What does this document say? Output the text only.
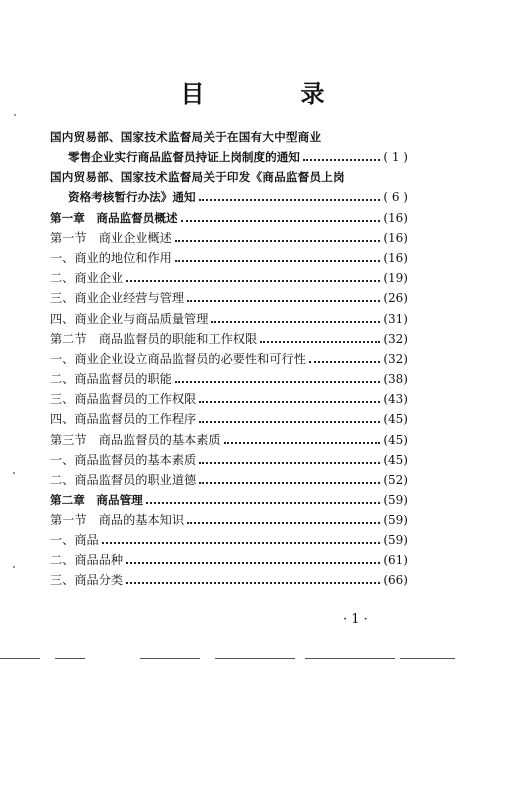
目　录
国内贸易部、国家技术监督局关于在国有大中型商业
零售企业实行商品监督员持证上岗制度的通知	( 1 )
国内贸易部、国家技术监督局关于印发《商品监督员上岗
资格考核暂行办法》通知	( 6 )
第一章　商品监督员概述	(16)
第一节　商业企业概述	(16)
一、商业的地位和作用	(16)
二、商业企业	(19)
三、商业企业经营与管理	(26)
四、商业企业与商品质量管理	(31)
第二节　商品监督员的职能和工作权限	(32)
一、商业企业设立商品监督员的必要性和可行性	(32)
二、商品监督员的职能	(38)
三、商品监督员的工作权限	(43)
四、商品监督员的工作程序	(45)
第三节　商品监督员的基本素质	(45)
一、商品监督员的基本素质	(45)
二、商品监督员的职业道德	(52)
第二章　商品管理	(59)
第一节　商品的基本知识	(59)
一、商品	(59)
二、商品品种	(61)
三、商品分类	(66)
· 1 ·
